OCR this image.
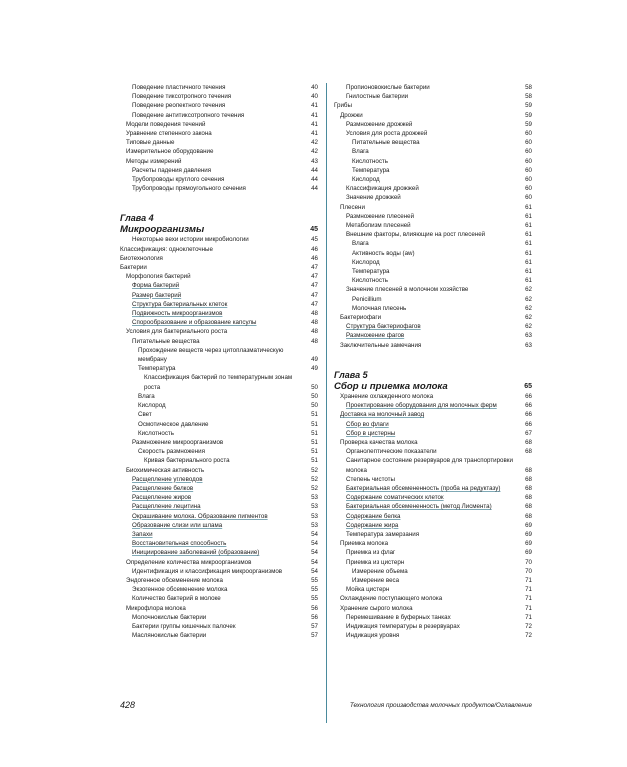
Поведение пластичного течения	40
Поведение тиксотропного течения	40
Поведение реопектного течения	41
Поведение антитиксотропного течения	41
Модели поведения течений	41
Уравнение степенного закона	41
Типовые данные	42
Измерительное оборудование	42
Методы измерений	43
Расчеты падения давления	44
Трубопроводы круглого сечения	44
Трубопроводы прямоугольного сечения	44
Глава 4
Микроорганизмы	45
Некоторые вехи истории микробиологии	45
Классификация: одноклеточные	46
Биотехнология	46
Бактерии	47
Морфология бактерий	47
Форма бактерий	47
Размер бактерий	47
Структура бактериальных клеток	47
Подвижность микроорганизмов	48
Спорообразование и образование капсулы	48
Условия для бактериального роста	48
Питательные вещества	48
Прохождение веществ через цитоплазматическую мембрану	49
Температура	49
Классификация бактерий по температурным зонам роста	50
Влага	50
Кислород	50
Свет	51
Осмотическое давление	51
Кислотность	51
Размножение микроорганизмов	51
Скорость размножения	51
Кривая бактериального роста	51
Биохимическая активность	52
Расщепление углеводов	52
Расщепление белков	52
Расщепление жиров	53
Расщепление лецитина	53
Окрашивание молока. Образование пигментов	53
Образование слизи или шлама	53
Запахи	54
Восстановительная способность	54
Инициирование заболеваний (образование)	54
Определение количества микроорганизмов	54
Идентификация и классификация микроорганизмов	54
Эндогенное обсеменение молока	55
Экзогенное обсеменение молока	55
Количество бактерий в молоке	55
Микрофлора молока	56
Молочнокислые бактерии	56
Бактерии группы кишечных палочек	57
Маслянокислые бактерии	57
Пропионовокислые бактерии	58
Гнилостные бактерии	58
Грибы	59
Дрожжи	59
Размножение дрожжей	59
Условия для роста дрожжей	60
Питательные вещества	60
Влага	60
Кислотность	60
Температура	60
Кислород	60
Классификация дрожжей	60
Значение дрожжей	60
Плесени	61
Размножение плесеней	61
Метаболизм плесеней	61
Внешние факторы, влияющие на рост плесеней	61
Влага	61
Активность воды (aw)	61
Кислород	61
Температура	61
Кислотность	61
Значение плесеней в молочном хозяйстве	62
Penicillium	62
Молочная плесень	62
Бактериофаги	62
Структура бактериофагов	62
Размножение фагов	63
Заключительные замечания	63
Глава 5
Сбор и приемка молока	65
Хранение охлажденного молока	66
Проектирование оборудования для молочных ферм	66
Доставка на молочный завод	66
Сбор во флаги	66
Сбор в цистерны	67
Проверка качества молока	68
Органолептические показатели	68
Санитарное состояние резервуаров для транспортировки молока	68
Степень чистоты	68
Бактериальная обсемененность (проба на редуктазу)	68
Содержание соматических клеток	68
Бактериальная обсемененность (метод Лисмента)	68
Содержание белка	68
Содержание жира	69
Температура замерзания	69
Приемка молока	69
Приемка из флаг	69
Приемка из цистерн	70
Измерение объема	70
Измерение веса	71
Мойка цистерн	71
Охлаждение поступающего молока	71
Хранение сырого молока	71
Перемешивание в буферных танках	71
Индикация температуры в резервуарах	72
Индикация уровня	72
428	Технология производства молочных продуктов/Оглавление
